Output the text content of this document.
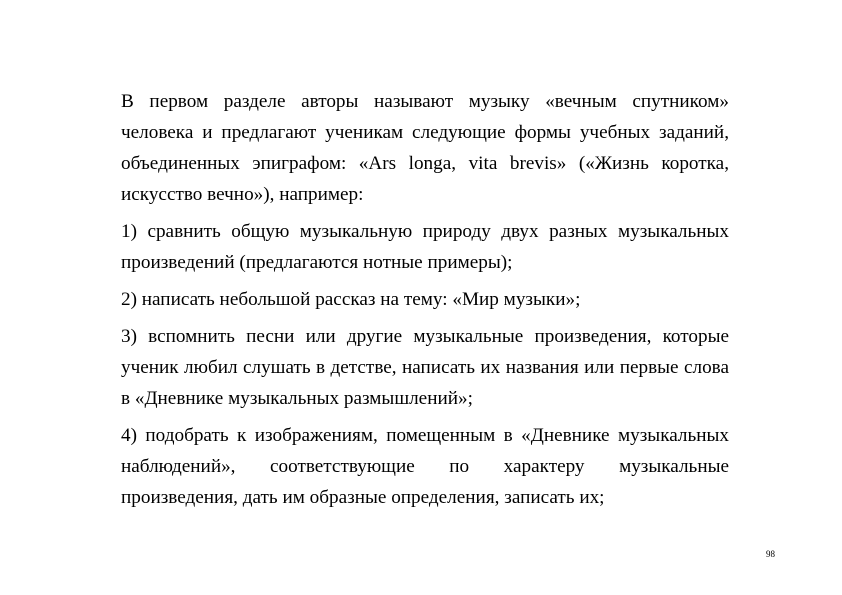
В первом разделе авторы называют музыку «вечным спутником» человека и предлагают ученикам следующие формы учебных заданий, объединенных эпиграфом: «Ars longa, vita brevis» («Жизнь коротка, искусство вечно»), например:

1) сравнить общую музыкальную природу двух разных музыкальных произведений (предлагаются нотные примеры);

2) написать небольшой рассказ на тему: «Мир музыки»;

3) вспомнить песни или другие музыкальные произведения, которые ученик любил слушать в детстве, написать их названия или первые слова в «Дневнике музыкальных размышлений»;

4) подобрать к изображениям, помещенным в «Дневнике музыкальных наблюдений», соответствующие по характеру музыкальные произведения, дать им образные определения, записать их;

98
